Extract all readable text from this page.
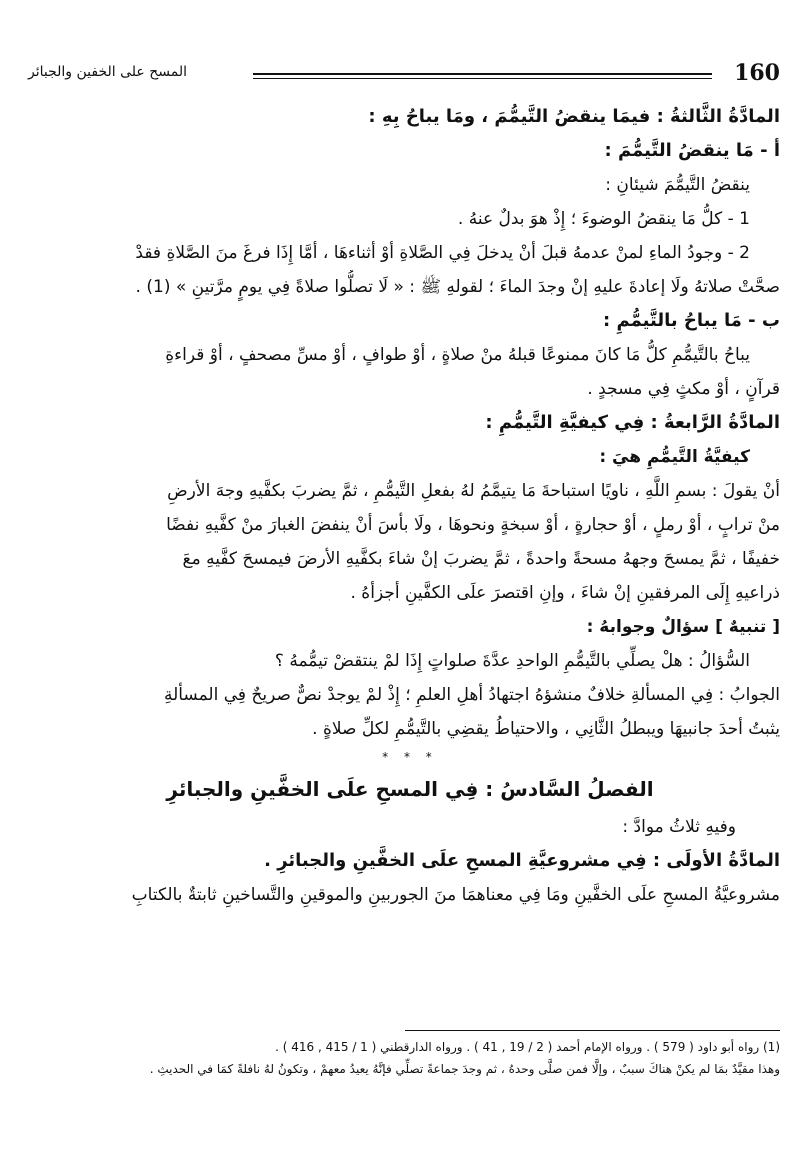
160
المسح على الخفين والجبائر
المادَّةُ الثَّالثةُ : فيمَا ينقضُ التَّيمُّمَ ، ومَا يباحُ بِهِ :
أ - مَا ينقضُ التَّيمُّمَ :
ينقضُ التَّيمُّمَ شيئانِ :
1 - كلُّ مَا ينقضُ الوضوءَ ؛ إِذْ هوَ بدلٌ عنهُ .
2 - وجودُ الماءِ لمنْ عدمهُ قبلَ أنْ يدخلَ فِي الصَّلاةِ أوْ أثناءهَا ، أمَّا إِذَا فرغَ منَ الصَّلاةِ فقدْ
صحَّتْ صلاتهُ ولَا إعادةَ عليهِ إنْ وجدَ الماءَ ؛ لقولهِ ﷺ : « لَا تصلُّوا صلاةً فِي يومٍ مرَّتينِ » (1) .
ب - مَا يباحُ بالتَّيمُّمِ :
يباحُ بالتَّيمُّمِ كلُّ مَا كانَ ممنوعًا قبلهُ منْ صلاةٍ ، أوْ طوافٍ ، أوْ مسِّ مصحفٍ ، أوْ قراءةِ
قرآنٍ ، أوْ مكثٍ فِي مسجدٍ .
المادَّةُ الرَّابعةُ : فِي كيفيَّةِ التَّيمُّمِ :
كيفيَّةُ التَّيمُّمِ هيَ :
أنْ يقولَ : بسمِ اللَّهِ ، ناويًا استباحةَ مَا يتيمَّمُ لهُ بفعلِ التَّيمُّمِ ، ثمَّ يضربَ بكفَّيهِ وجهَ الأرضِ
منْ ترابٍ ، أوْ رملٍ ، أوْ حجارةٍ ، أوْ سبخةٍ ونحوهَا ، ولَا بأسَ أنْ ينفضَ الغبارَ منْ كفَّيهِ نفضًا
خفيفًا ، ثمَّ يمسحَ وجههُ مسحةً واحدةً ، ثمَّ يضربَ إنْ شاءَ بكفَّيهِ الأرضَ فيمسحَ كفَّيهِ معَ
ذراعيهِ إِلَى المرفقينِ إنْ شاءَ ، وإنِ اقتصرَ علَى الكفَّينِ أجزأهُ .
[ تنبيهٌ ] سؤالٌ وجوابهُ :
السُّؤالُ : هلْ يصلِّي بالتَّيمُّمِ الواحدِ عدَّةَ صلواتٍ إِذَا لمْ ينتقضْ تيمُّمهُ ؟
الجوابُ : فِي المسألةِ خلافٌ منشؤهُ اجتهادُ أهلِ العلمِ ؛ إِذْ لمْ يوجدْ نصٌّ صريحٌ فِي المسألةِ
يثبتُ أحدَ جانبيهَا ويبطلُ الثَّانِي ، والاحتياطُ يقضِي بالتَّيمُّمِ لكلِّ صلاةٍ .
* * *
الفصلُ السَّادسُ : فِي المسحِ علَى الخفَّينِ والجبائرِ
وفيهِ ثلاثُ موادَّ :
المادَّةُ الأولَى : فِي مشروعيَّةِ المسحِ علَى الخفَّينِ والجبائرِ .
مشروعيَّةُ المسحِ علَى الخفَّينِ ومَا فِي معناهمَا منَ الجوربينِ والموقينِ والتَّساخينِ ثابتةٌ بالكتابِ
(1) رواه أبو داود ( 579 ) . ورواه الإمام أحمد ( 2 / 19 , 41 ) . ورواه الدارقطني ( 1 / 415 , 416 ) .
وهذا مقيَّدٌ بمَا لم يكنْ هناكَ سببٌ ، وإلَّا فمن صلَّى وحدهُ ، ثم وجدَ جماعةً تصلِّي فإنَّهُ يعيدُ معهمْ ، وتكونُ لهُ نافلةً كمَا في الحديثِ .
